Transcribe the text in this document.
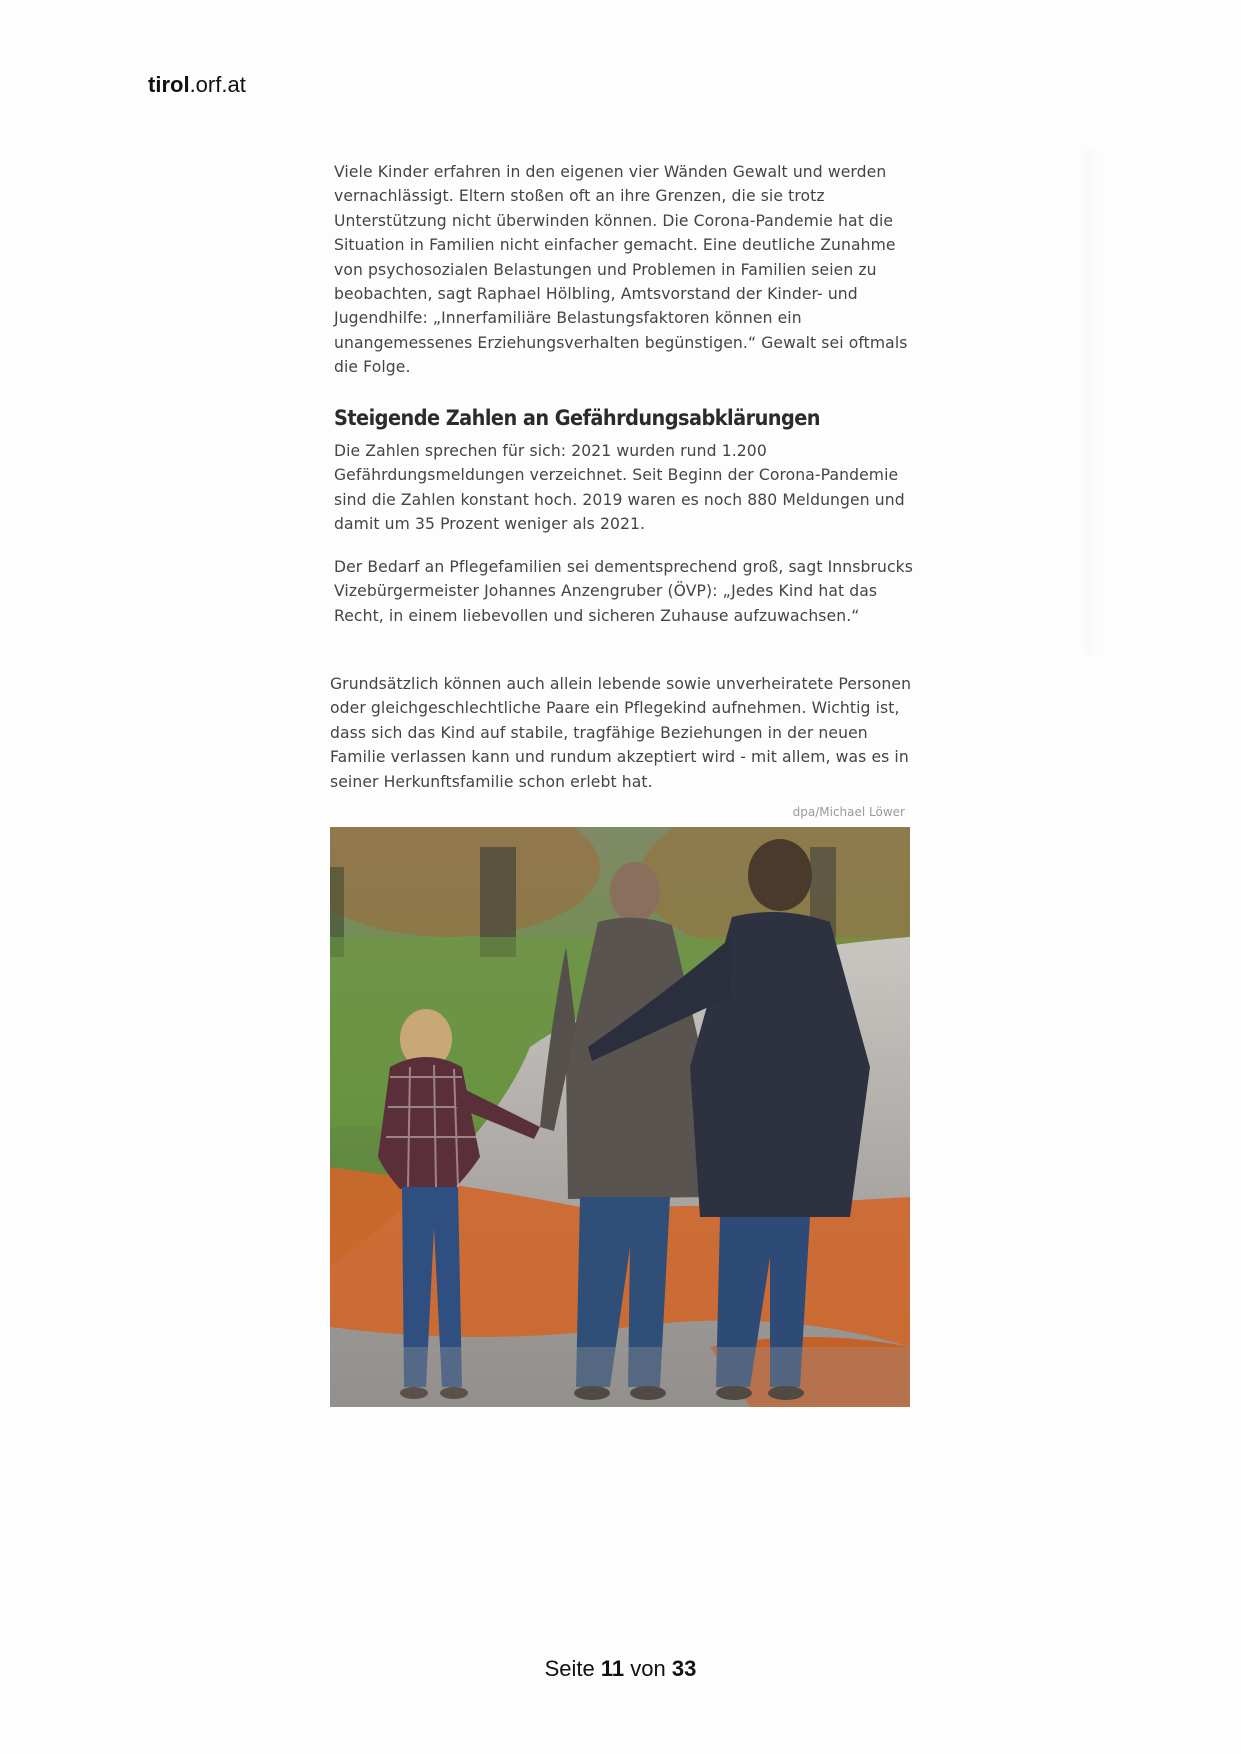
tirol.orf.at

Viele Kinder erfahren in den eigenen vier Wänden Gewalt und werden vernachlässigt. Eltern stoßen oft an ihre Grenzen, die sie trotz Unterstützung nicht überwinden können. Die Corona-Pandemie hat die Situation in Familien nicht einfacher gemacht. Eine deutliche Zunahme von psychosozialen Belastungen und Problemen in Familien seien zu beobachten, sagt Raphael Hölbling, Amtsvorstand der Kinder- und Jugendhilfe: „Innerfamiliäre Belastungsfaktoren können ein unangemessenes Erziehungsverhalten begünstigen.“ Gewalt sei oftmals die Folge.

Steigende Zahlen an Gefährdungsabklärungen

Die Zahlen sprechen für sich: 2021 wurden rund 1.200 Gefährdungsmeldungen verzeichnet. Seit Beginn der Corona-Pandemie sind die Zahlen konstant hoch. 2019 waren es noch 880 Meldungen und damit um 35 Prozent weniger als 2021.

Der Bedarf an Pflegefamilien sei dementsprechend groß, sagt Innsbrucks Vizebürgermeister Johannes Anzengruber (ÖVP): „Jedes Kind hat das Recht, in einem liebevollen und sicheren Zuhause aufzuwachsen.“

Grundsätzlich können auch allein lebende sowie unverheiratete Personen oder gleichgeschlechtliche Paare ein Pflegekind aufnehmen. Wichtig ist, dass sich das Kind auf stabile, tragfähige Beziehungen in der neuen Familie verlassen kann und rundum akzeptiert wird - mit allem, was es in seiner Herkunftsfamilie schon erlebt hat.

dpa/Michael Löwer
Seite 11 von 33
